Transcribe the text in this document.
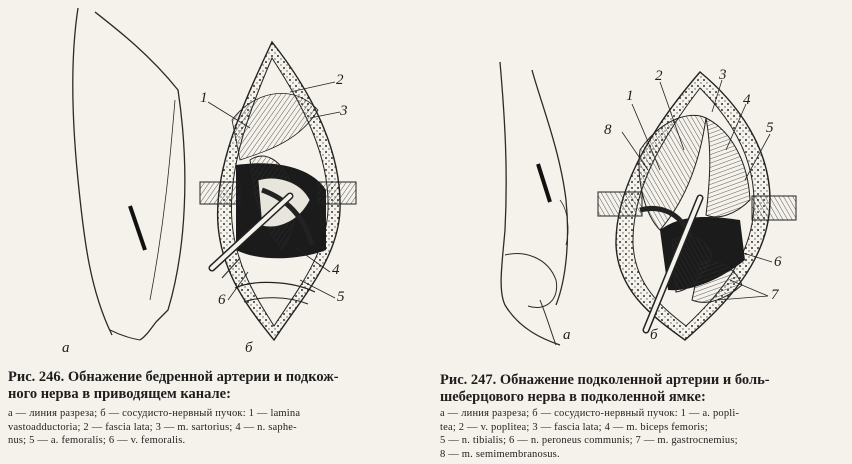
а	б
1
2
3
4
5
6
Рис. 246. Обнажение бедренной артерии и подкож-
ного нерва в приводящем канале:
а — линия разреза; б — сосудисто-нервный пучок: 1 — lamina
vastoadductoria; 2 — fascia lata; 3 — m. sartorius; 4 — n. saphe-
nus; 5 — a. femoralis; 6 — v. femoralis.
а	б
1
2	3
4
5
6
7
8
Рис. 247. Обнажение подколенной артерии и боль-
шеберцового нерва в подколенной ямке:
а — линия разреза; б — сосудисто-нервный пучок: 1 — a. popli-
tea; 2 — v. poplitea; 3 — fascia lata; 4 — m. biceps femoris;
5 — n. tibialis; 6 — n. peroneus communis; 7 — m. gastrocnemius;
8 — m. semimembranosus.
